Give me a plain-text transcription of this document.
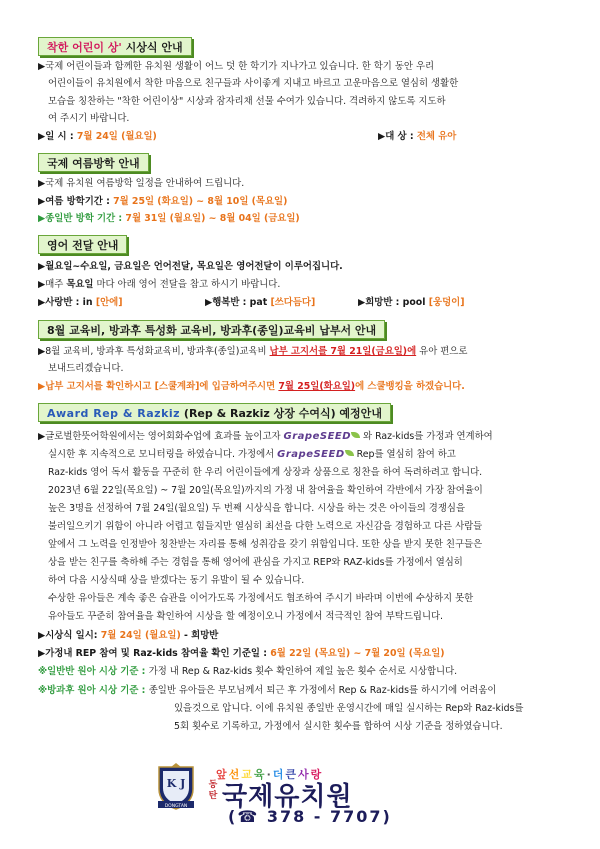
착한 어린이 상' 시상식 안내
▶국제 어린이들과 함께한 유치원 생활이 어느 덧 한 학기가 지나가고 있습니다. 한 학기 동안 우리
어린이들이 유치원에서 착한 마음으로 친구들과 사이좋게 지내고 바르고 고운마음으로 열심히 생활한
모습을 칭찬하는 "착한 어린이상" 시상과 잠자리채 선물 수여가 있습니다. 격려하지 않도록 지도하
여 주시기 바랍니다.
▶일 시 : 7월 24일 (월요일)	▶대 상 : 전체 유아
국제 여름방학 안내
▶국제 유치원 여름방학 일정을 안내하여 드립니다.
▶여름 방학기간 : 7월 25일 (화요일) ~ 8월 10일 (목요일)
▶종일반 방학 기간 : 7월 31일 (월요일) ~ 8월 04일 (금요일)
영어 전달 안내
▶월요일~수요일, 금요일은 언어전달, 목요일은 영어전달이 이루어집니다.
▶매주 목요일 마다 아래 영어 전달을 참고 하시기 바랍니다.
▶사랑반 : in [안에]	▶행복반 : pat [쓰다듬다]	▶희망반 : pool [웅덩이]
8월 교육비, 방과후 특성화 교육비, 방과후(종일)교육비 납부서 안내
▶8월 교육비, 방과후 특성화교육비, 방과후(종일)교육비 납부 고지서를 7월 21일(금요일)에 유아 편으로
보내드리겠습니다.
▶납부 고지서를 확인하시고 [스쿨계좌]에 입금하여주시면 7월 25일(화요일)에 스쿨뱅킹을 하겠습니다.
Award Rep & Razkiz (Rep & Razkiz 상장 수여식) 예정안내
▶글로벌한뜻어학원에서는 영어회화수업에 효과를 높이고자 GrapeSEED 와 Raz-kids를 가정과 연계하여
실시한 후 지속적으로 모니터링을 하였습니다. 가정에서 GrapeSEED Rep를 열심히 참여 하고
Raz-kids 영어 독서 활동을 꾸준히 한 우리 어린이들에게 상장과 상품으로 칭찬을 하여 독려하려고 합니다.
2023년 6월 22일(목요일) ~ 7월 20일(목요일)까지의 가정 내 참여율을 확인하여 각반에서 가장 참여율이
높은 3명을 선정하여 7월 24일(월요일) 두 번째 시상식을 합니다. 시상을 하는 것은 아이들의 경쟁심을
불러일으키기 위함이 아니라 어렵고 힘들지만 열심히 최선을 다한 노력으로 자신감을 경험하고 다른 사람들
앞에서 그 노력을 인정받아 칭찬받는 자리를 통해 성취감을 갖기 위함입니다. 또한 상을 받지 못한 친구들은
상을 받는 친구를 축하해 주는 경험을 통해 영어에 관심을 가지고 REP와 RAZ-kids를 가정에서 열심히
하여 다음 시상식때 상을 받겠다는 동기 유발이 될 수 있습니다.
수상한 유아들은 계속 좋은 습관을 이어가도록 가정에서도 협조하여 주시기 바라며 이번에 수상하지 못한
유아들도 꾸준히 참여율을 확인하여 시상을 할 예정이오니 가정에서 적극적인 참여 부탁드립니다.
▶시상식 일시: 7월 24일 (월요일) - 희망반
▶가정내 REP 참여 및 Raz-kids 참여율 확인 기준일 : 6월 22일 (목요일) ~ 7월 20일 (목요일)
※일반반 원아 시상 기준 : 가정 내 Rep & Raz-kids 횟수 확인하여 제일 높은 횟수 순서로 시상합니다.
※방과후 원아 시상 기준 : 종일반 유아들은 부모님께서 퇴근 후 가정에서 Rep & Raz-kids를 하시기에 어려움이
있을것으로 압니다. 이에 유치원 종일반 운영시간에 매일 실시하는 Rep와 Raz-kids를
5회 횟수로 기록하고, 가정에서 실시한 횟수를 합하여 시상 기준을 정하였습니다.
K J
DONGTAN
앞선교육·더큰사랑
동탄 국제유치원
(☎ 378 - 7707)
